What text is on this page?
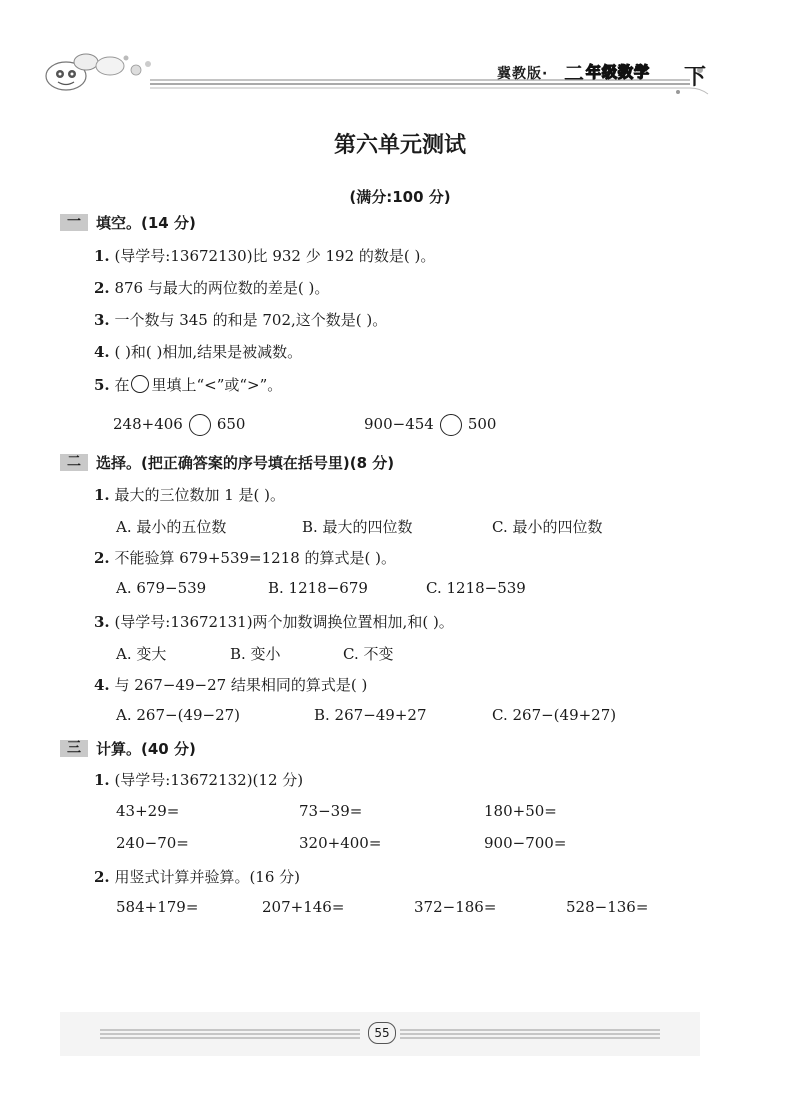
冀教版· 二 年级数学 下
第六单元测试
(满分:100 分)
一	填空。(14 分)
1. (导学号:13672130)比 932 少 192 的数是( )。
2. 876 与最大的两位数的差是( )。
3. 一个数与 345 的和是 702,这个数是( )。
4. ( )和( )相加,结果是被减数。
5. 在 里填上“<”或“>”。
248+406 650	900−454 500
二	选择。(把正确答案的序号填在括号里)(8 分)
1. 最大的三位数加 1 是( )。
A. 最小的五位数	B. 最大的四位数	C. 最小的四位数
2. 不能验算 679+539=1218 的算式是( )。
A. 679−539	B. 1218−679	C. 1218−539
3. (导学号:13672131)两个加数调换位置相加,和( )。
A. 变大	B. 变小	C. 不变
4. 与 267−49−27 结果相同的算式是( )
A. 267−(49−27)	B. 267−49+27	C. 267−(49+27)
三	计算。(40 分)
1. (导学号:13672132)(12 分)
43+29=	73−39=	180+50=
240−70=	320+400=	900−700=
2. 用竖式计算并验算。(16 分)
584+179=	207+146=	372−186=	528−136=
55
